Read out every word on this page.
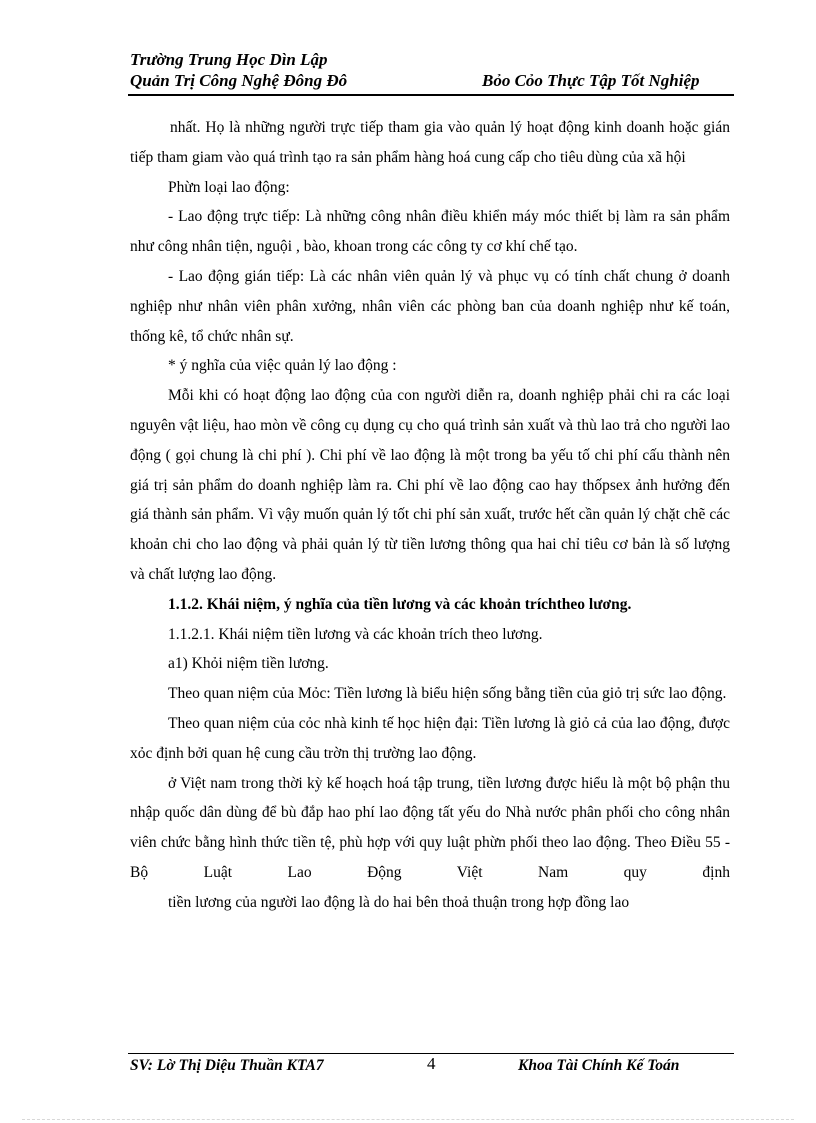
Trường Trung Học Dìn Lập
Quản Trị Công Nghệ Đông Đô	Bỏo Cỏo Thực Tập Tốt Nghiệp

nhất. Họ là những người trực tiếp tham gia vào quản lý hoạt động kinh doanh hoặc gián tiếp tham giam vào quá trình tạo ra sản phẩm hàng hoá cung cấp cho tiêu dùng của xã hội

Phừn loại lao động:

- Lao động trực tiếp: Là những công nhân điều khiển máy móc thiết bị làm ra sản phẩm như công nhân tiện, nguội , bào, khoan trong các công ty cơ khí chế tạo.

- Lao động gián tiếp: Là các nhân viên quản lý và phục vụ có tính chất chung ở doanh nghiệp như nhân viên phân xưởng, nhân viên các phòng ban của doanh nghiệp như kế toán, thống kê, tổ chức nhân sự.

* ý nghĩa của việc quản lý lao động :

Mỗi khi có hoạt động lao động của con người diễn ra, doanh nghiệp phải chi ra các loại nguyên vật liệu, hao mòn về công cụ dụng cụ cho quá trình sản xuất và thù lao trả cho người lao động ( gọi chung là chi phí ). Chi phí về lao động là một trong ba yếu tố chi phí cấu thành nên giá trị sản phẩm do doanh nghiệp làm ra. Chi phí về lao động cao hay thốpsex ảnh hưởng đến giá thành sản phẩm. Vì vậy muốn quản lý tốt chi phí sản xuất, trước hết cần quản lý chặt chẽ các khoản chi cho lao động và phải quản lý từ tiền lương thông qua hai chỉ tiêu cơ bản là số lượng và chất lượng lao động.

1.1.2. Khái niệm, ý nghĩa của tiền lương và các khoản tríchtheo lương.

1.1.2.1. Khái niệm tiền lương và các khoản trích theo lương.

a1) Khỏi niệm tiền lương.

Theo quan niệm của Mỏc: Tiền lương là biểu hiện sống bằng tiền của giỏ trị sức lao động.

Theo quan niệm của cỏc nhà kinh tế học hiện đại: Tiền lương là giỏ cả của lao động, được xỏc định bởi quan hệ cung cầu trờn thị trường lao động.

ở Việt nam trong thời kỳ kế hoạch hoá tập trung, tiền lương được hiểu là một bộ phận thu nhập quốc dân dùng để bù đắp hao phí lao động tất yếu do Nhà nước phân phối cho công nhân viên chức bằng hình thức tiền tệ, phù hợp với quy luật phừn phối theo lao động. Theo Điều 55 - Bộ Luật Lao Động Việt Nam quy định

tiền lương của người lao động là do hai bên thoả thuận trong hợp đồng lao

SV: Lờ Thị Diệu Thuần KTA7	4	Khoa Tài Chính Kế Toán
